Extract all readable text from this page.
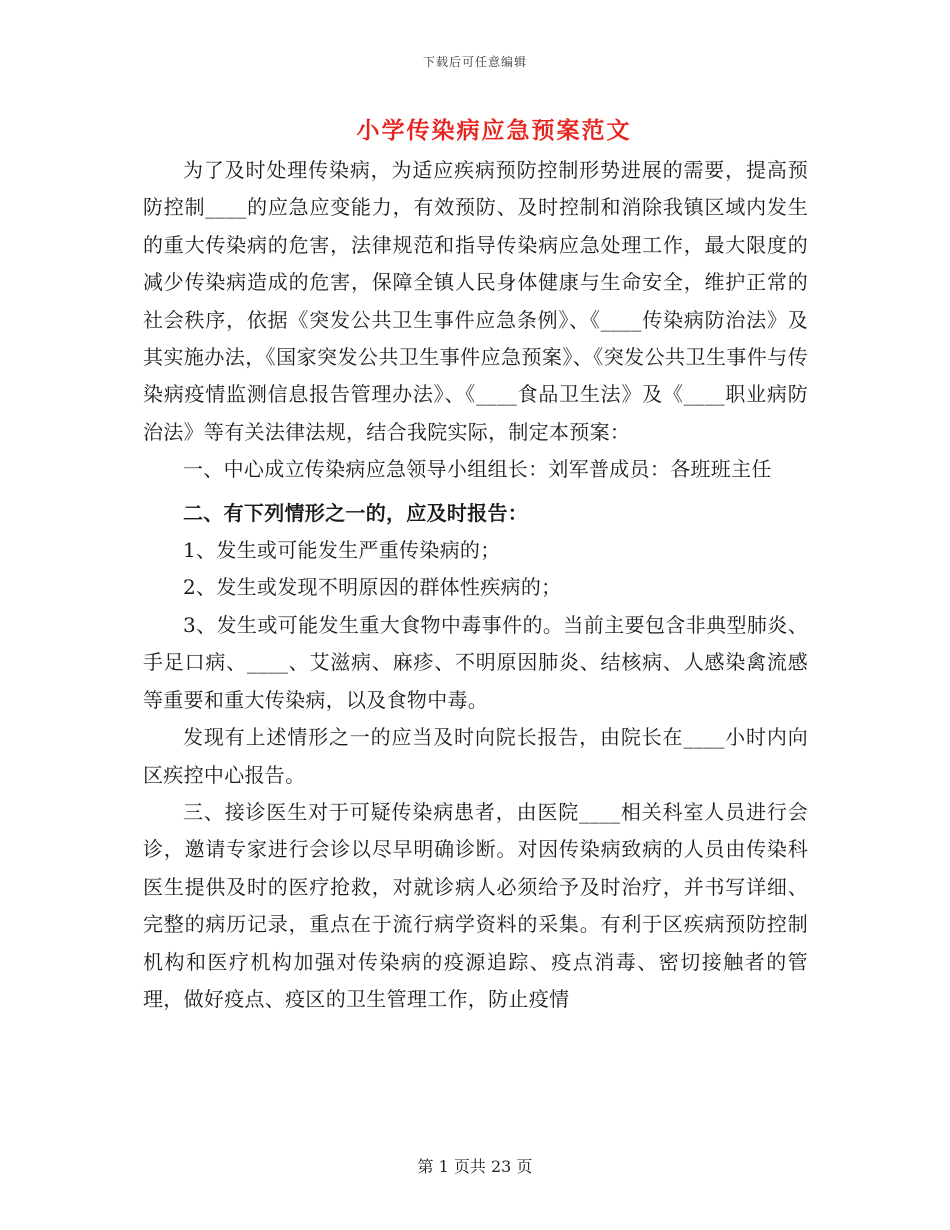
下载后可任意编辑
小学传染病应急预案范文

为了及时处理传染病，为适应疾病预防控制形势进展的需要，提高预防控制____的应急应变能力，有效预防、及时控制和消除我镇区域内发生的重大传染病的危害，法律规范和指导传染病应急处理工作，最大限度的减少传染病造成的危害，保障全镇人民身体健康与生命安全，维护正常的社会秩序，依据《突发公共卫生事件应急条例》、《____传染病防治法》及其实施办法，《国家突发公共卫生事件应急预案》、《突发公共卫生事件与传染病疫情监测信息报告管理办法》、《____食品卫生法》及《____职业病防治法》等有关法律法规，结合我院实际，制定本预案：

一、中心成立传染病应急领导小组组长：刘军普成员：各班班主任

二、有下列情形之一的，应及时报告：

1、发生或可能发生严重传染病的；

2、发生或发现不明原因的群体性疾病的；

3、发生或可能发生重大食物中毒事件的。当前主要包含非典型肺炎、手足口病、____、艾滋病、麻疹、不明原因肺炎、结核病、人感染禽流感等重要和重大传染病，以及食物中毒。

发现有上述情形之一的应当及时向院长报告，由院长在____小时内向区疾控中心报告。

三、接诊医生对于可疑传染病患者，由医院____相关科室人员进行会诊，邀请专家进行会诊以尽早明确诊断。对因传染病致病的人员由传染科医生提供及时的医疗抢救，对就诊病人必须给予及时治疗，并书写详细、完整的病历记录，重点在于流行病学资料的采集。有利于区疾病预防控制机构和医疗机构加强对传染病的疫源追踪、疫点消毒、密切接触者的管理，做好疫点、疫区的卫生管理工作，防止疫情

第 1 页共 23 页
